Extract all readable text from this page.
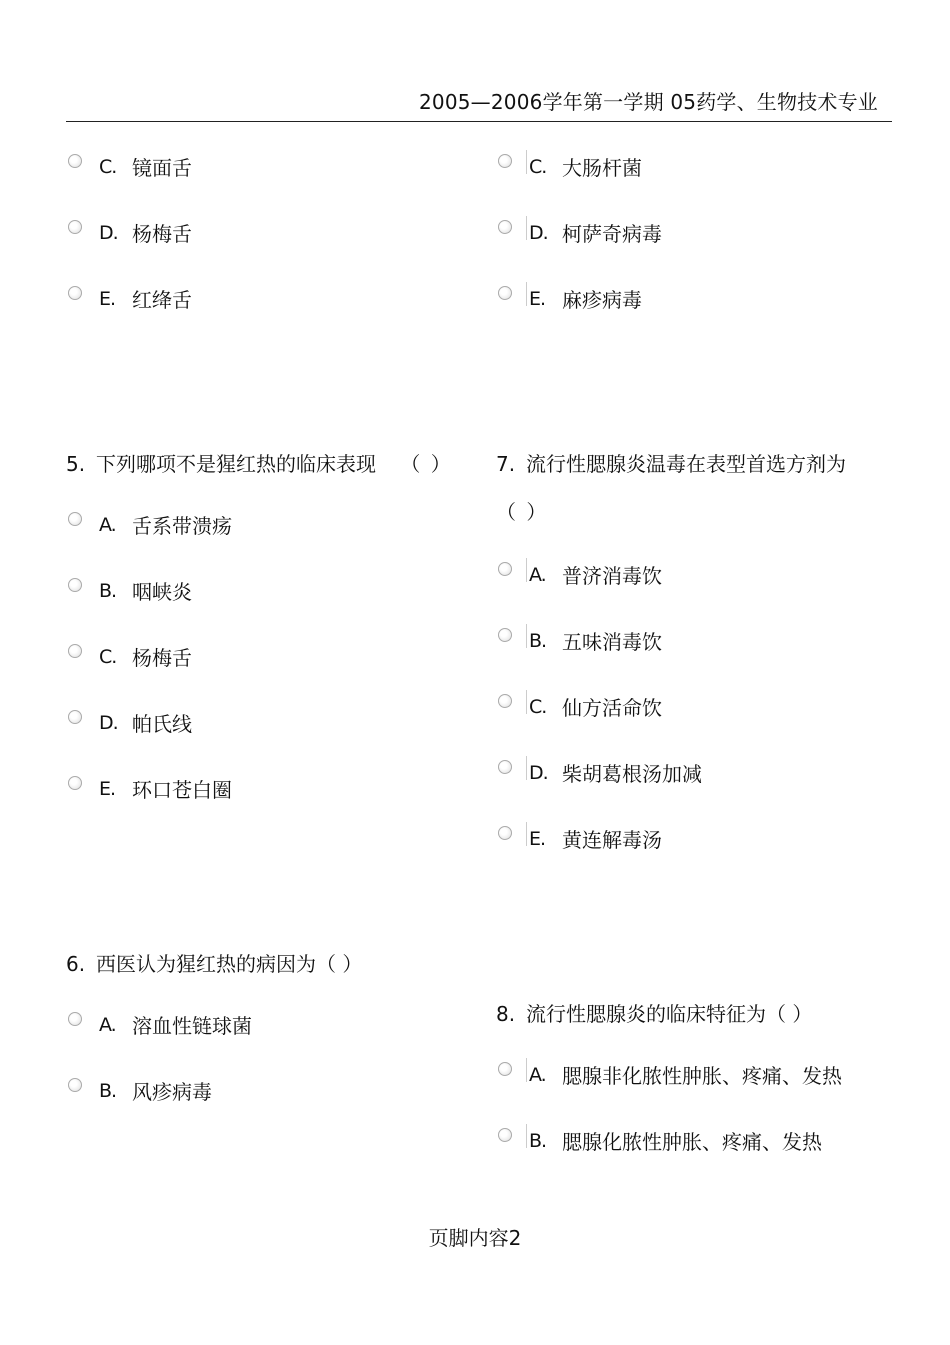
2005—2006学年第一学期 05药学、生物技术专业
C. 镜面舌
D. 杨梅舌
E. 红绛舌
C. 大肠杆菌
D. 柯萨奇病毒
E. 麻疹病毒
5. 下列哪项不是猩红热的临床表现 （ ）
A. 舌系带溃疡
B. 咽峡炎
C. 杨梅舌
D. 帕氏线
E. 环口苍白圈
6. 西医认为猩红热的病因为（ ）
A. 溶血性链球菌
B. 风疹病毒
7. 流行性腮腺炎温毒在表型首选方剂为
（ ）
A. 普济消毒饮
B. 五味消毒饮
C. 仙方活命饮
D. 柴胡葛根汤加减
E. 黄连解毒汤
8. 流行性腮腺炎的临床特征为（ ）
A. 腮腺非化脓性肿胀、疼痛、发热
B. 腮腺化脓性肿胀、疼痛、发热
页脚内容2
